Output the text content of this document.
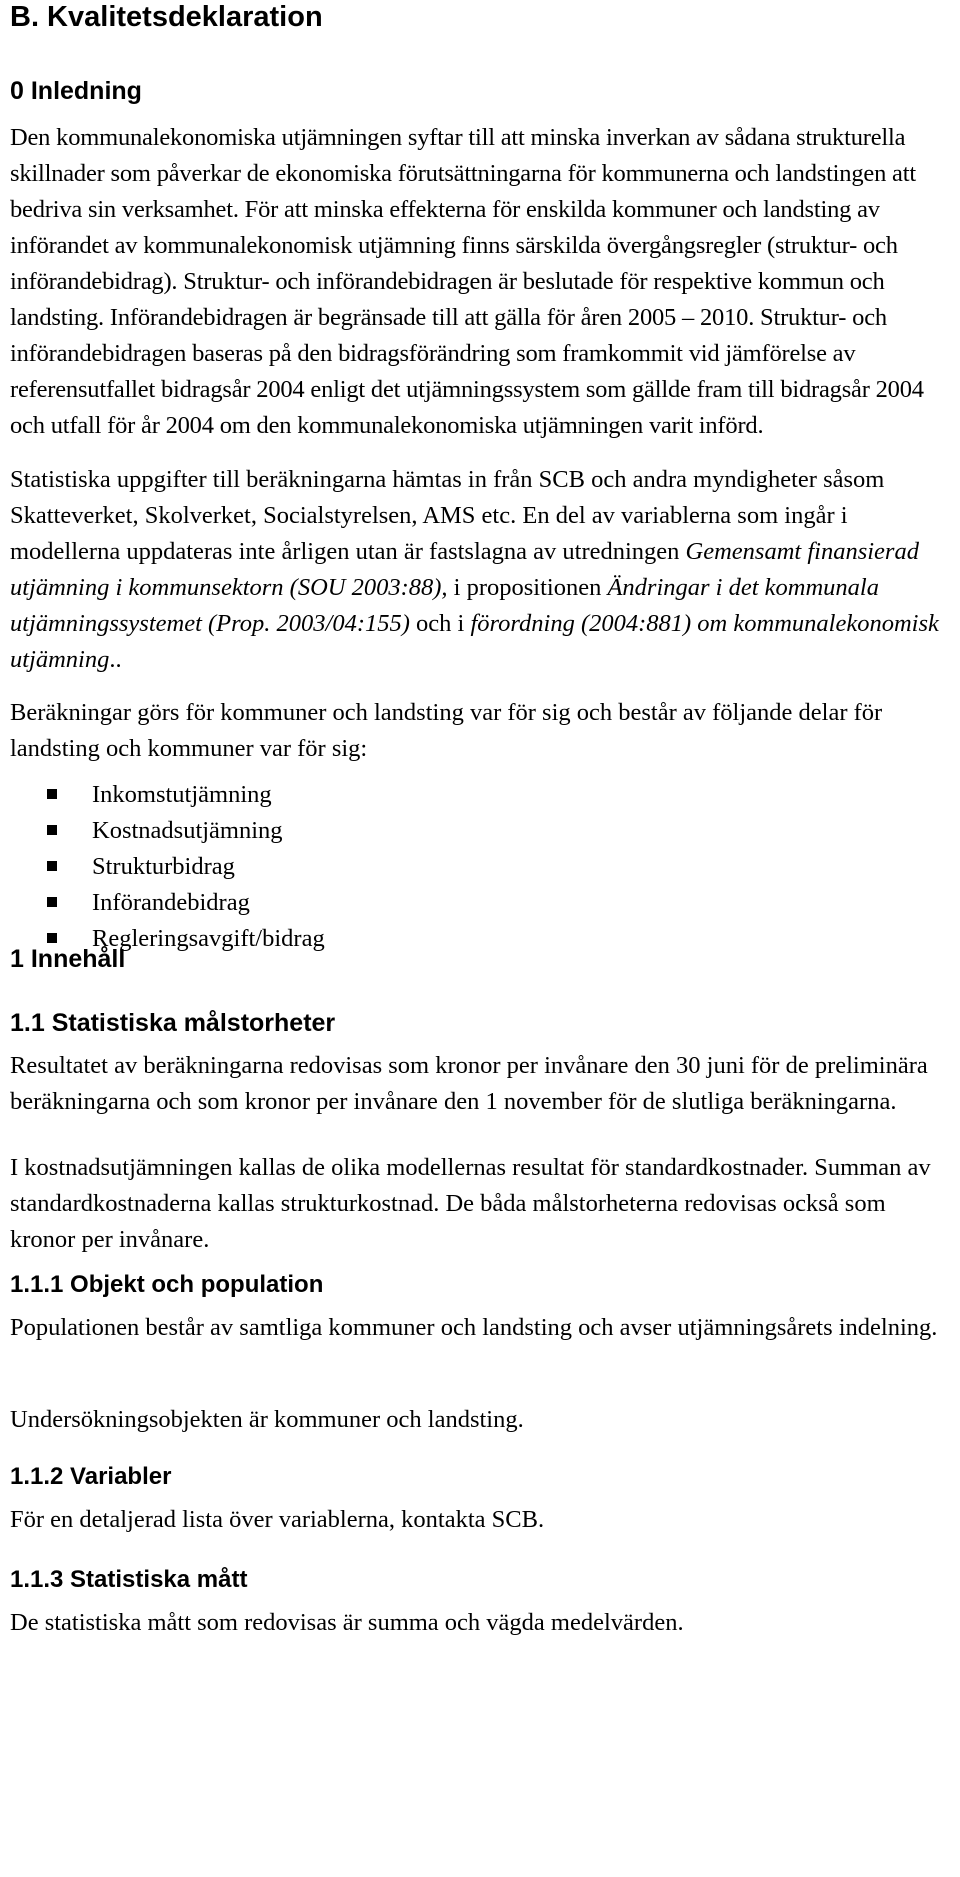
B. Kvalitetsdeklaration
0 Inledning

Den kommunalekonomiska utjämningen syftar till att minska inverkan av sådana strukturella skillnader som påverkar de ekonomiska förutsättningarna för kommunerna och landstingen att bedriva sin verksamhet. För att minska effekterna för enskilda kommuner och landsting av införandet av kommunalekonomisk utjämning finns särskilda övergångsregler (struktur- och införandebidrag). Struktur- och införandebidragen är beslutade för respektive kommun och landsting. Införandebidragen är begränsade till att gälla för åren 2005 – 2010. Struktur- och införandebidragen baseras på den bidragsförändring som framkommit vid jämförelse av referensutfallet bidragsår 2004 enligt det utjämningssystem som gällde fram till bidragsår 2004 och utfall för år 2004 om den kommunalekonomiska utjämningen varit införd.

Statistiska uppgifter till beräkningarna hämtas in från SCB och andra myndigheter såsom Skatteverket, Skolverket, Socialstyrelsen, AMS etc. En del av variablerna som ingår i modellerna uppdateras inte årligen utan är fastslagna av utredningen Gemensamt finansierad utjämning i kommunsektorn (SOU 2003:88), i propositionen Ändringar i det kommunala utjämningssystemet (Prop. 2003/04:155) och i förordning (2004:881) om kommunalekonomisk utjämning..

Beräkningar görs för kommuner och landsting var för sig och består av följande delar för landsting och kommuner var för sig:

Inkomstutjämning
Kostnadsutjämning
Strukturbidrag
Införandebidrag
Regleringsavgift/bidrag
1 Innehåll
1.1 Statistiska målstorheter

Resultatet av beräkningarna redovisas som kronor per invånare den 30 juni för de preliminära beräkningarna och som kronor per invånare den 1 november för de slutliga beräkningarna.

I kostnadsutjämningen kallas de olika modellernas resultat för standardkostnader. Summan av standardkostnaderna kallas strukturkostnad. De båda målstorheterna redovisas också som kronor per invånare.

1.1.1 Objekt och population

Populationen består av samtliga kommuner och landsting och avser utjämningsårets indelning.

Undersökningsobjekten är kommuner och landsting.

1.1.2 Variabler

För en detaljerad lista över variablerna, kontakta SCB.

1.1.3 Statistiska mått

De statistiska mått som redovisas är summa och vägda medelvärden.
